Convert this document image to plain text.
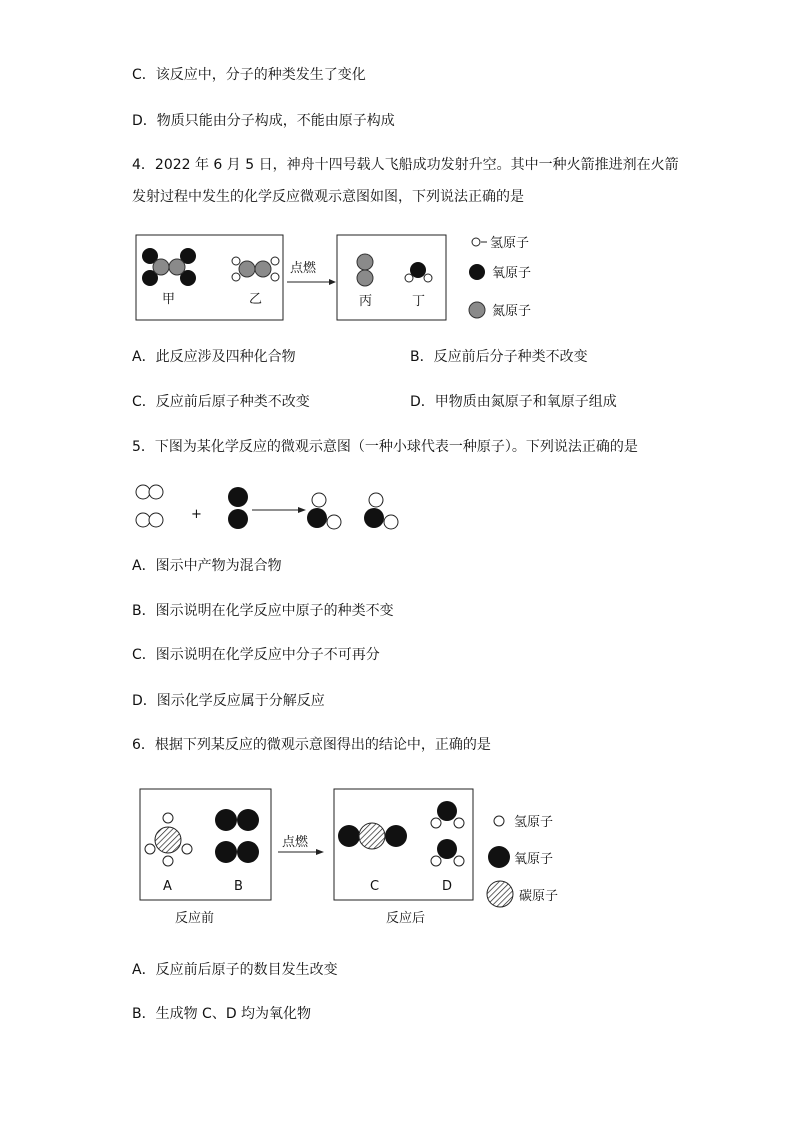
C．该反应中，分子的种类发生了变化
D．物质只能由分子构成，不能由原子构成
4．2022 年 6 月 5 日，神舟十四号载人飞船成功发射升空。其中一种火箭推进剂在火箭
发射过程中发生的化学反应微观示意图如图，下列说法正确的是
甲	乙
点燃
丙	丁
氢原子
氧原子
氮原子
+
A	B
反应前
点燃
C	D
反应后
氢原子
氧原子
碳原子
A．此反应涉及四种化合物	B．反应前后分子种类不改变
C．反应前后原子种类不改变	D．甲物质由氮原子和氧原子组成
5．下图为某化学反应的微观示意图（一种小球代表一种原子）。下列说法正确的是
A．图示中产物为混合物
B．图示说明在化学反应中原子的种类不变
C．图示说明在化学反应中分子不可再分
D．图示化学反应属于分解反应
6．根据下列某反应的微观示意图得出的结论中，正确的是
A．反应前后原子的数目发生改变
B．生成物 C、D 均为氧化物
